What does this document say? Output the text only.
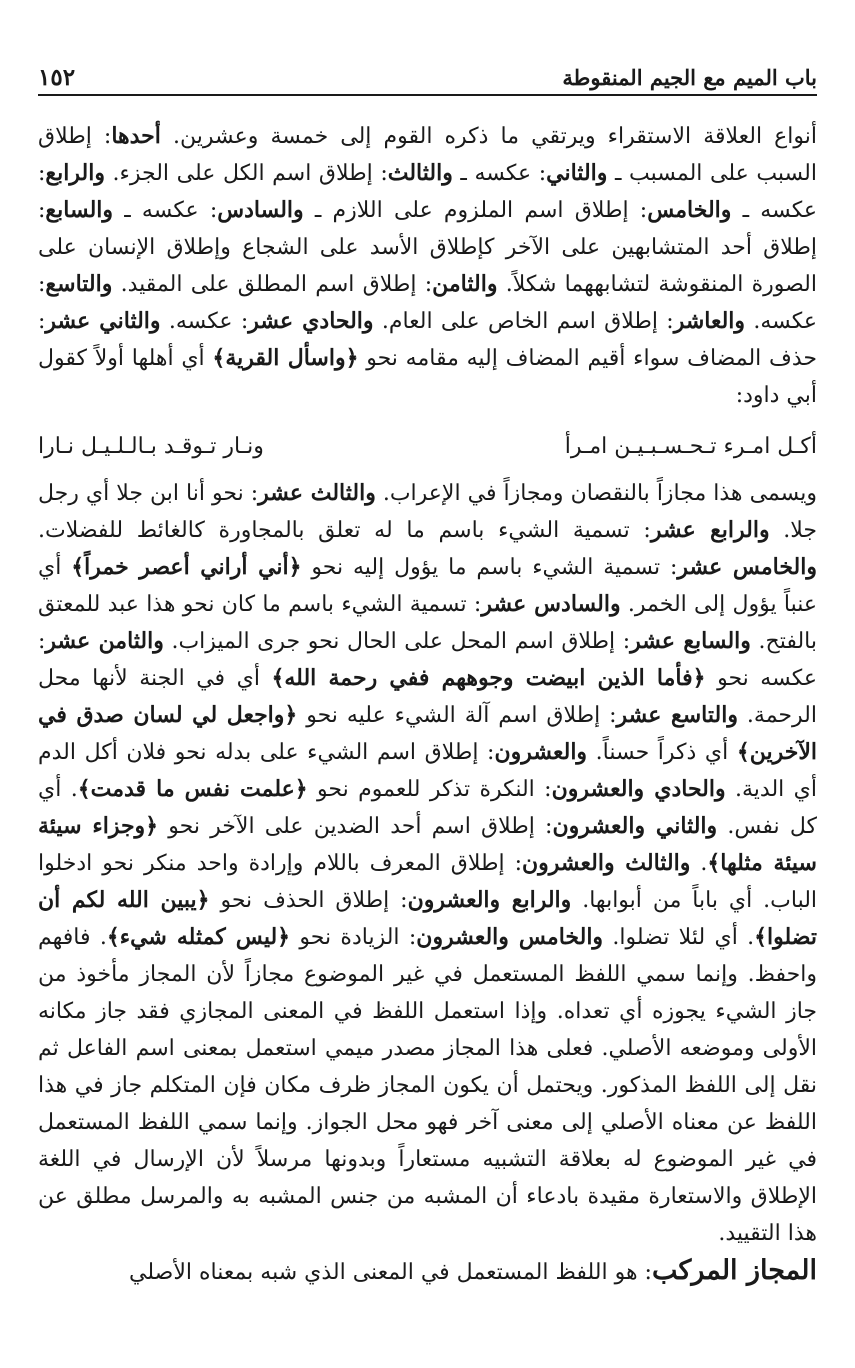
باب الميم مع الجيم المنقوطة
١٥٢

أنواع العلاقة الاستقراء ويرتقي ما ذكره القوم إلى خمسة وعشرين. أحدها: إطلاق السبب على المسبب ـ والثاني: عكسه ـ والثالث: إطلاق اسم الكل على الجزء. والرابع: عكسه ـ والخامس: إطلاق اسم الملزوم على اللازم ـ والسادس: عكسه ـ والسابع: إطلاق أحد المتشابهين على الآخر كإطلاق الأسد على الشجاع وإطلاق الإنسان على الصورة المنقوشة لتشابههما شكلاً. والثامن: إطلاق اسم المطلق على المقيد. والتاسع: عكسه. والعاشر: إطلاق اسم الخاص على العام. والحادي عشر: عكسه. والثاني عشر: حذف المضاف سواء أقيم المضاف إليه مقامه نحو ﴿واسأل القرية﴾ أي أهلها أولاً كقول أبي داود:

أكـل امـرء تـحـسـبـيـن امـرأ
ونـار تـوقـد بـالـلـيـل نـارا

ويسمى هذا مجازاً بالنقصان ومجازاً في الإعراب. والثالث عشر: نحو أنا ابن جلا أي رجل جلا. والرابع عشر: تسمية الشيء باسم ما له تعلق بالمجاورة كالغائط للفضلات. والخامس عشر: تسمية الشيء باسم ما يؤول إليه نحو ﴿أني أراني أعصر خمراً﴾ أي عنباً يؤول إلى الخمر. والسادس عشر: تسمية الشيء باسم ما كان نحو هذا عبد للمعتق بالفتح. والسابع عشر: إطلاق اسم المحل على الحال نحو جرى الميزاب. والثامن عشر: عكسه نحو ﴿فأما الذين ابيضت وجوههم ففي رحمة الله﴾ أي في الجنة لأنها محل الرحمة. والتاسع عشر: إطلاق اسم آلة الشيء عليه نحو ﴿واجعل لي لسان صدق في الآخرين﴾ أي ذكراً حسناً. والعشرون: إطلاق اسم الشيء على بدله نحو فلان أكل الدم أي الدية. والحادي والعشرون: النكرة تذكر للعموم نحو ﴿علمت نفس ما قدمت﴾. أي كل نفس. والثاني والعشرون: إطلاق اسم أحد الضدين على الآخر نحو ﴿وجزاء سيئة سيئة مثلها﴾. والثالث والعشرون: إطلاق المعرف باللام وإرادة واحد منكر نحو ادخلوا الباب. أي باباً من أبوابها. والرابع والعشرون: إطلاق الحذف نحو ﴿يبين الله لكم أن تضلوا﴾. أي لئلا تضلوا. والخامس والعشرون: الزيادة نحو ﴿ليس كمثله شيء﴾. فافهم واحفظ. وإنما سمي اللفظ المستعمل في غير الموضوع مجازاً لأن المجاز مأخوذ من جاز الشيء يجوزه أي تعداه. وإذا استعمل اللفظ في المعنى المجازي فقد جاز مكانه الأولى وموضعه الأصلي. فعلى هذا المجاز مصدر ميمي استعمل بمعنى اسم الفاعل ثم نقل إلى اللفظ المذكور. ويحتمل أن يكون المجاز ظرف مكان فإن المتكلم جاز في هذا اللفظ عن معناه الأصلي إلى معنى آخر فهو محل الجواز. وإنما سمي اللفظ المستعمل في غير الموضوع له بعلاقة التشبيه مستعاراً وبدونها مرسلاً لأن الإرسال في اللغة الإطلاق والاستعارة مقيدة بادعاء أن المشبه من جنس المشبه به والمرسل مطلق عن هذا التقييد.

المجاز المركب: هو اللفظ المستعمل في المعنى الذي شبه بمعناه الأصلي
